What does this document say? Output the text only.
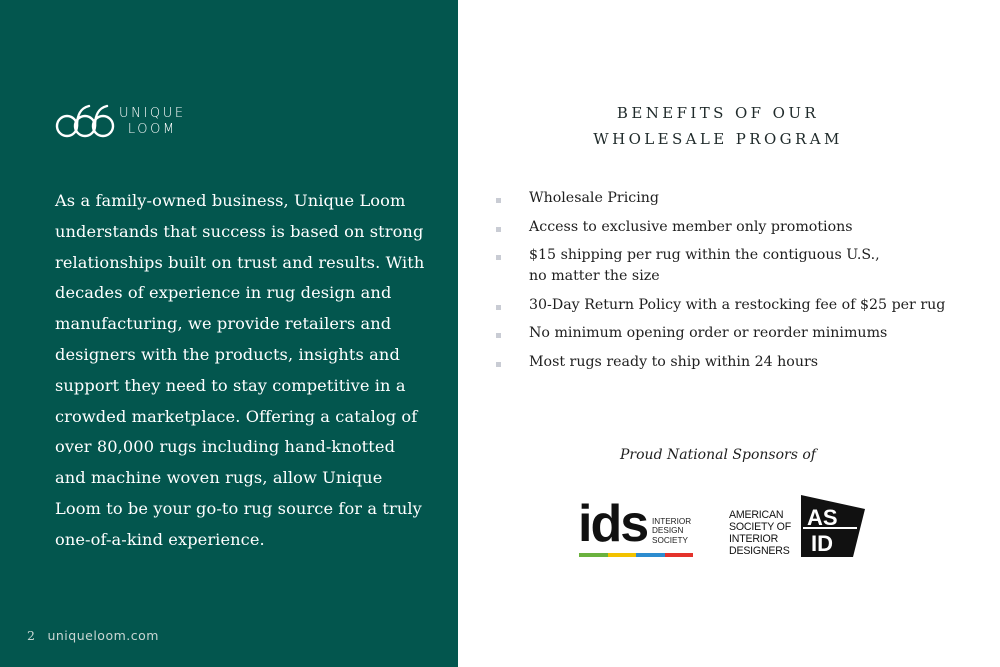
UNIQUE
LOOM

As a family-owned business, Unique Loom understands that success is based on strong relationships built on trust and results. With decades of experience in rug design and manufacturing, we provide retailers and designers with the products, insights and support they need to stay competitive in a crowded marketplace. Offering a catalog of over 80,000 rugs including hand-knotted and machine woven rugs, allow Unique Loom to be your go-to rug source for a truly one-of-a-kind experience.

2 uniqueloom.com
BENEFITS OF OUR
WHOLESALE PROGRAM
Wholesale Pricing
Access to exclusive member only promotions
$15 shipping per rug within the contiguous U.S.,
no matter the size
30-Day Return Policy with a restocking fee of $25 per rug
No minimum opening order or reorder minimums
Most rugs ready to ship within 24 hours
Proud National Sponsors of
ids INTERIOR
DESIGN
SOCIETY
AMERICAN
SOCIETY OF
INTERIOR
DESIGNERS
AS
ID
